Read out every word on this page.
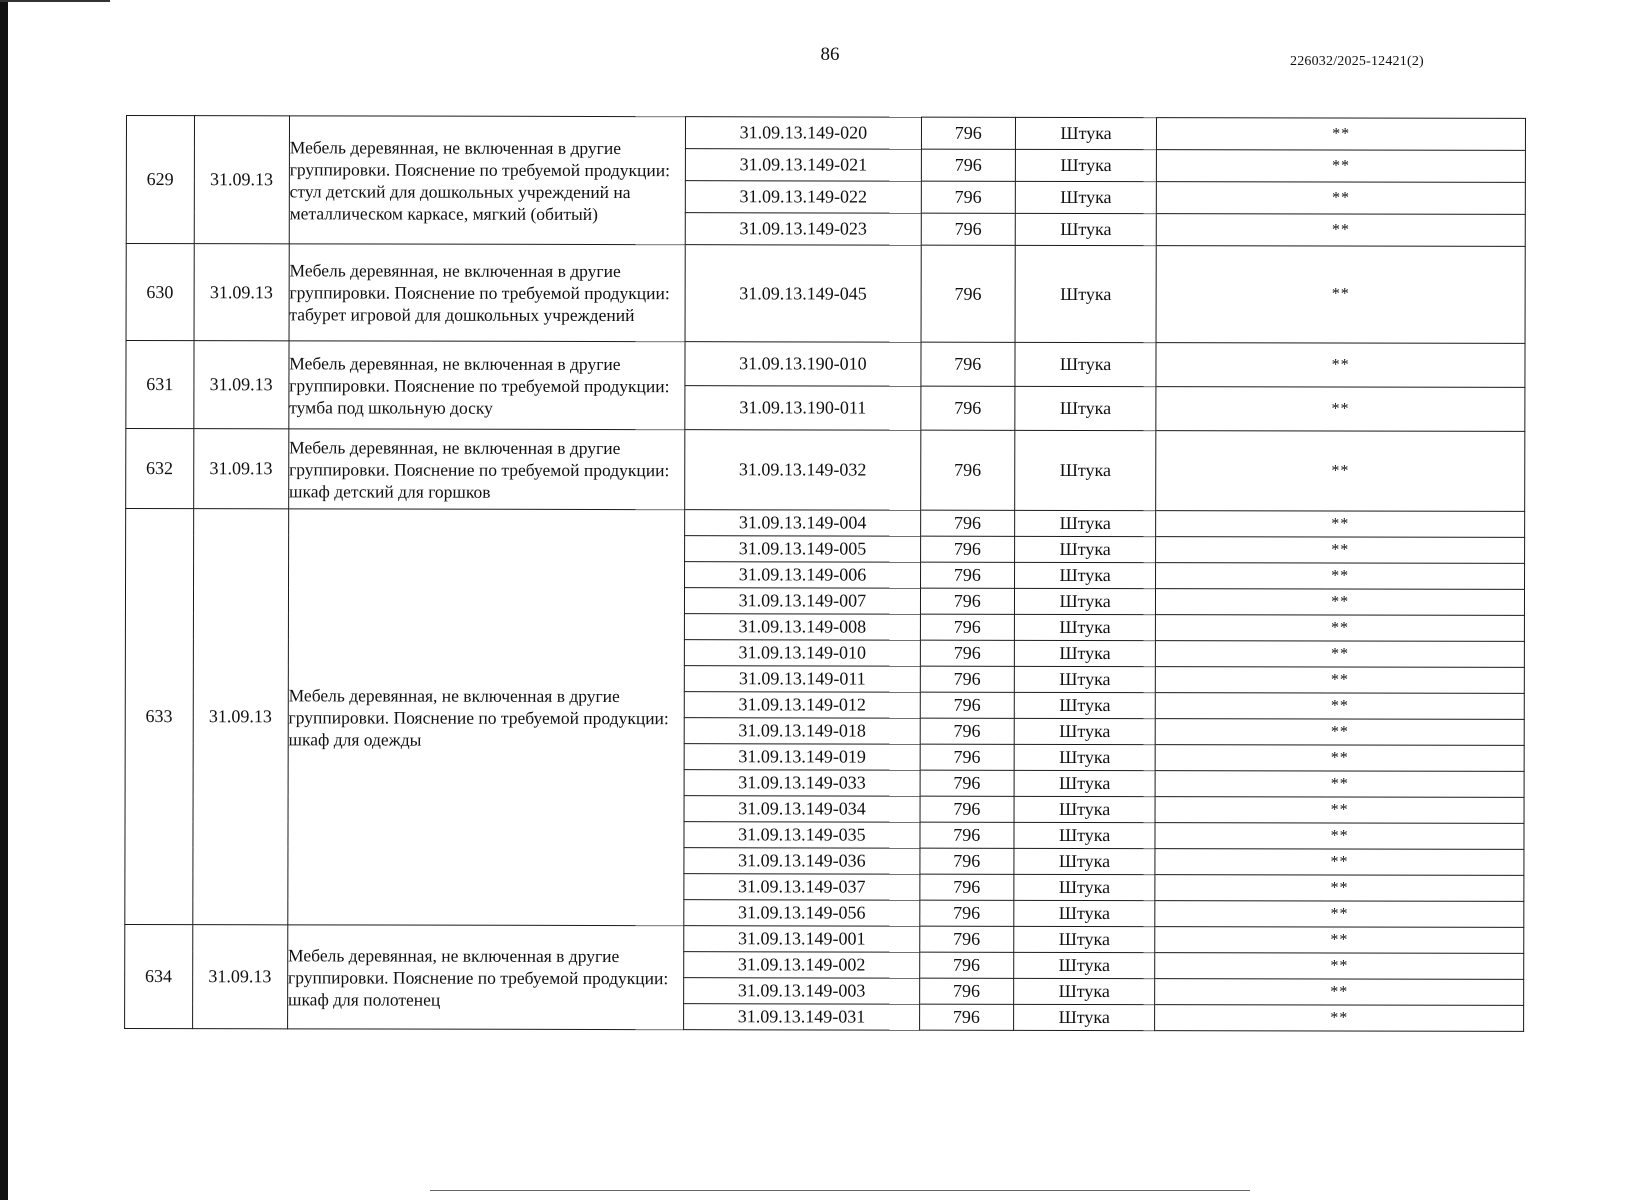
86	226032/2025-12421(2)
629	31.09.13	Мебель деревянная, не включенная в другие группировки. Пояснение по требуемой продукции: стул детский для дошкольных учреждений на металлическом каркасе, мягкий (обитый)	31.09.13.149-020	796	Штука	**
			31.09.13.149-021	796	Штука	**
			31.09.13.149-022	796	Штука	**
			31.09.13.149-023	796	Штука	**
630	31.09.13	Мебель деревянная, не включенная в другие группировки. Пояснение по требуемой продукции: табурет игровой для дошкольных учреждений	31.09.13.149-045	796	Штука	**
631	31.09.13	Мебель деревянная, не включенная в другие группировки. Пояснение по требуемой продукции: тумба под школьную доску	31.09.13.190-010	796	Штука	**
			31.09.13.190-011	796	Штука	**
632	31.09.13	Мебель деревянная, не включенная в другие группировки. Пояснение по требуемой продукции: шкаф детский для горшков	31.09.13.149-032	796	Штука	**
633	31.09.13	Мебель деревянная, не включенная в другие группировки. Пояснение по требуемой продукции: шкаф для одежды	31.09.13.149-004	796	Штука	**
			31.09.13.149-005	796	Штука	**
			31.09.13.149-006	796	Штука	**
			31.09.13.149-007	796	Штука	**
			31.09.13.149-008	796	Штука	**
			31.09.13.149-010	796	Штука	**
			31.09.13.149-011	796	Штука	**
			31.09.13.149-012	796	Штука	**
			31.09.13.149-018	796	Штука	**
			31.09.13.149-019	796	Штука	**
			31.09.13.149-033	796	Штука	**
			31.09.13.149-034	796	Штука	**
			31.09.13.149-035	796	Штука	**
			31.09.13.149-036	796	Штука	**
			31.09.13.149-037	796	Штука	**
			31.09.13.149-056	796	Штука	**
634	31.09.13	Мебель деревянная, не включенная в другие группировки. Пояснение по требуемой продукции: шкаф для полотенец	31.09.13.149-001	796	Штука	**
			31.09.13.149-002	796	Штука	**
			31.09.13.149-003	796	Штука	**
			31.09.13.149-031	796	Штука	**
